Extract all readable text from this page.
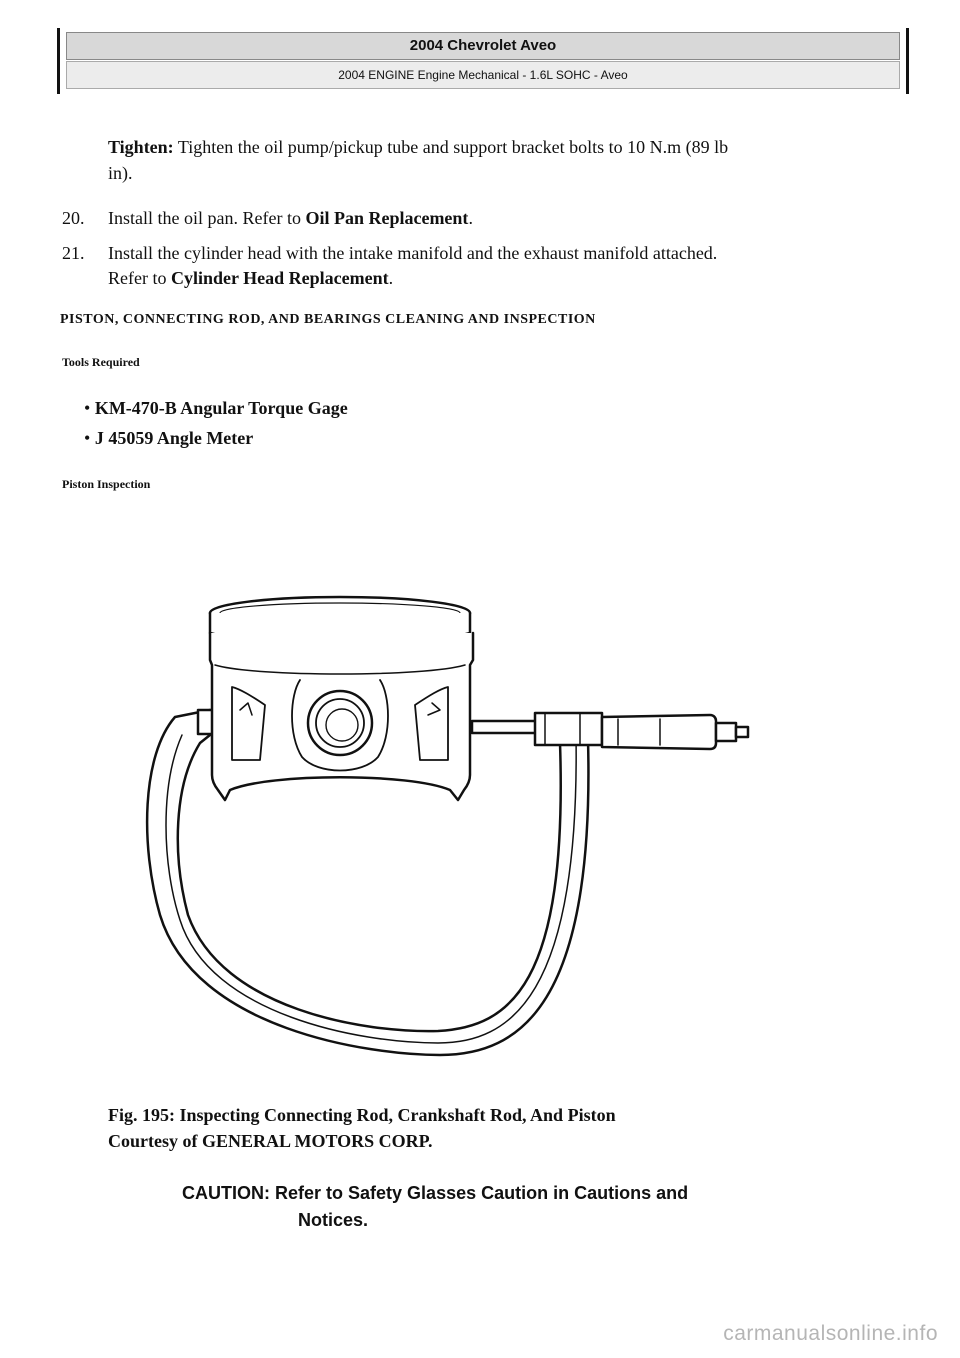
2004 Chevrolet Aveo
2004 ENGINE Engine Mechanical - 1.6L SOHC - Aveo
Tighten: Tighten the oil pump/pickup tube and support bracket bolts to 10 N.m (89 lb
in).
20. Install the oil pan. Refer to Oil Pan Replacement.
21. Install the cylinder head with the intake manifold and the exhaust manifold attached.
Refer to Cylinder Head Replacement.
PISTON, CONNECTING ROD, AND BEARINGS CLEANING AND INSPECTION
Tools Required
• KM-470-B Angular Torque Gage
• J 45059 Angle Meter
Piston Inspection
Fig. 195: Inspecting Connecting Rod, Crankshaft Rod, And Piston
Courtesy of GENERAL MOTORS CORP.
CAUTION: Refer to Safety Glasses Caution in Cautions and
Notices.
carmanualsonline.info
